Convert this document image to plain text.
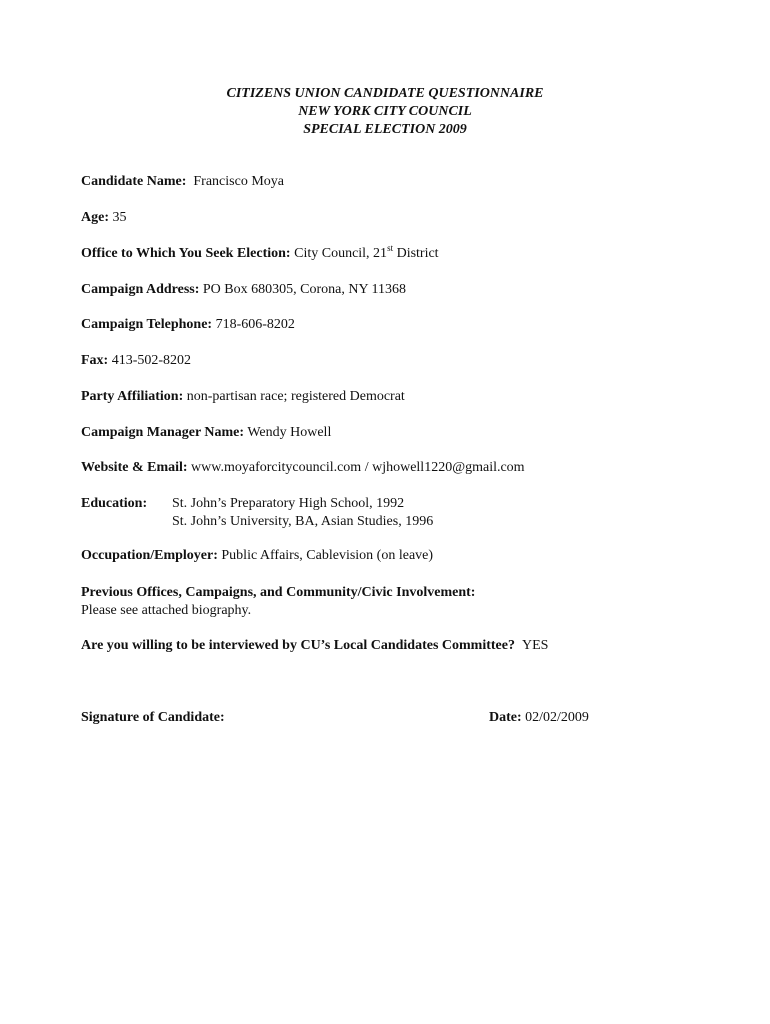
CITIZENS UNION CANDIDATE QUESTIONNAIRE
NEW YORK CITY COUNCIL
SPECIAL ELECTION 2009
Candidate Name: Francisco Moya
Age: 35
Office to Which You Seek Election: City Council, 21st District
Campaign Address: PO Box 680305, Corona, NY 11368
Campaign Telephone: 718-606-8202
Fax: 413-502-8202
Party Affiliation: non-partisan race; registered Democrat
Campaign Manager Name: Wendy Howell
Website & Email: www.moyaforcitycouncil.com / wjhowell1220@gmail.com
Education: St. John’s Preparatory High School, 1992
St. John’s University, BA, Asian Studies, 1996
Occupation/Employer: Public Affairs, Cablevision (on leave)
Previous Offices, Campaigns, and Community/Civic Involvement:
Please see attached biography.
Are you willing to be interviewed by CU’s Local Candidates Committee? YES
Signature of Candidate:	Date: 02/02/2009
